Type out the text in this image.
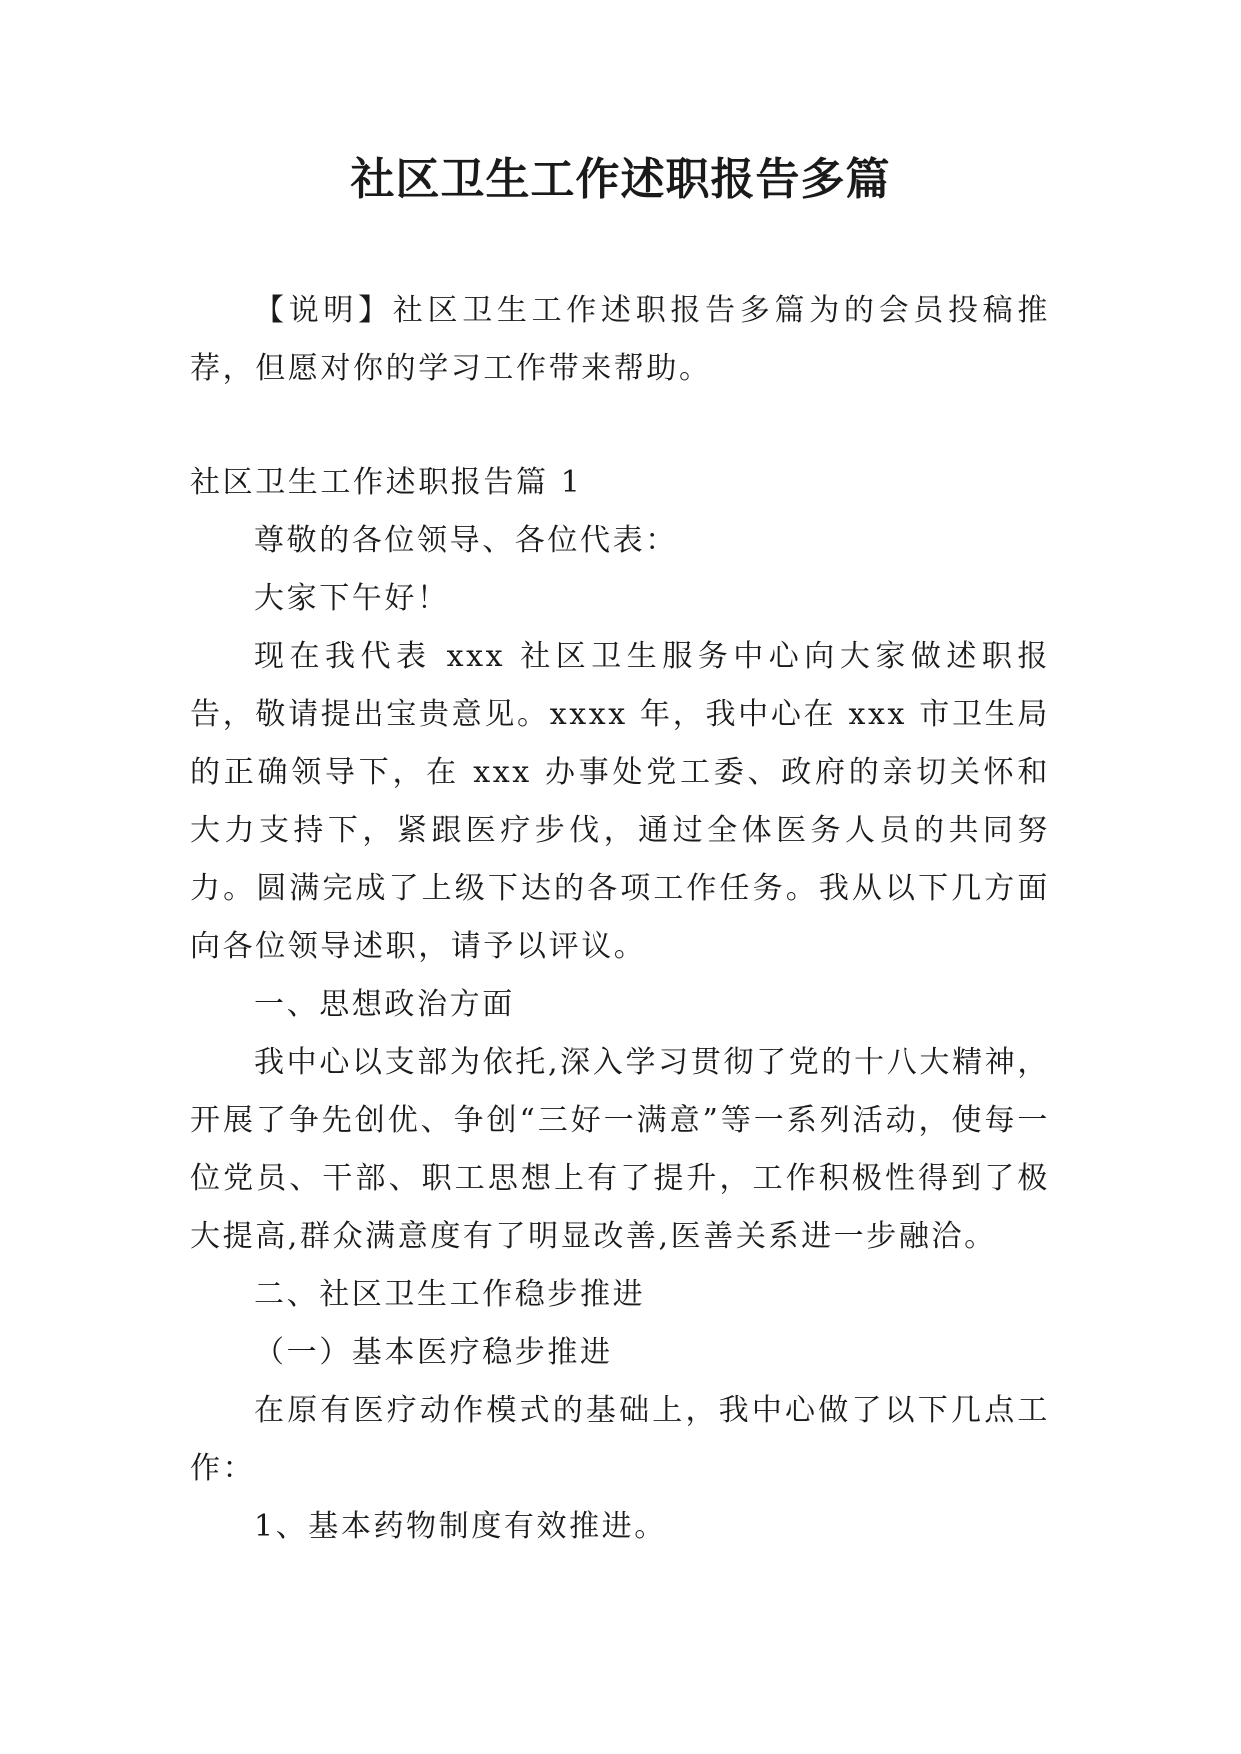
社区卫生工作述职报告多篇

【说明】社区卫生工作述职报告多篇为的会员投稿推荐，但愿对你的学习工作带来帮助。

社区卫生工作述职报告篇 1

尊敬的各位领导、各位代表：

大家下午好！

现在我代表 xxx 社区卫生服务中心向大家做述职报告，敬请提出宝贵意见。xxxx 年，我中心在 xxx 市卫生局的正确领导下，在 xxx 办事处党工委、政府的亲切关怀和大力支持下，紧跟医疗步伐，通过全体医务人员的共同努力。圆满完成了上级下达的各项工作任务。我从以下几方面向各位领导述职，请予以评议。

一、思想政治方面

我中心以支部为依托,深入学习贯彻了党的十八大精神，开展了争先创优、争创“三好一满意”等一系列活动，使每一位党员、干部、职工思想上有了提升，工作积极性得到了极大提高,群众满意度有了明显改善,医善关系进一步融洽。

二、社区卫生工作稳步推进

（一）基本医疗稳步推进

在原有医疗动作模式的基础上，我中心做了以下几点工作：

1、基本药物制度有效推进。
